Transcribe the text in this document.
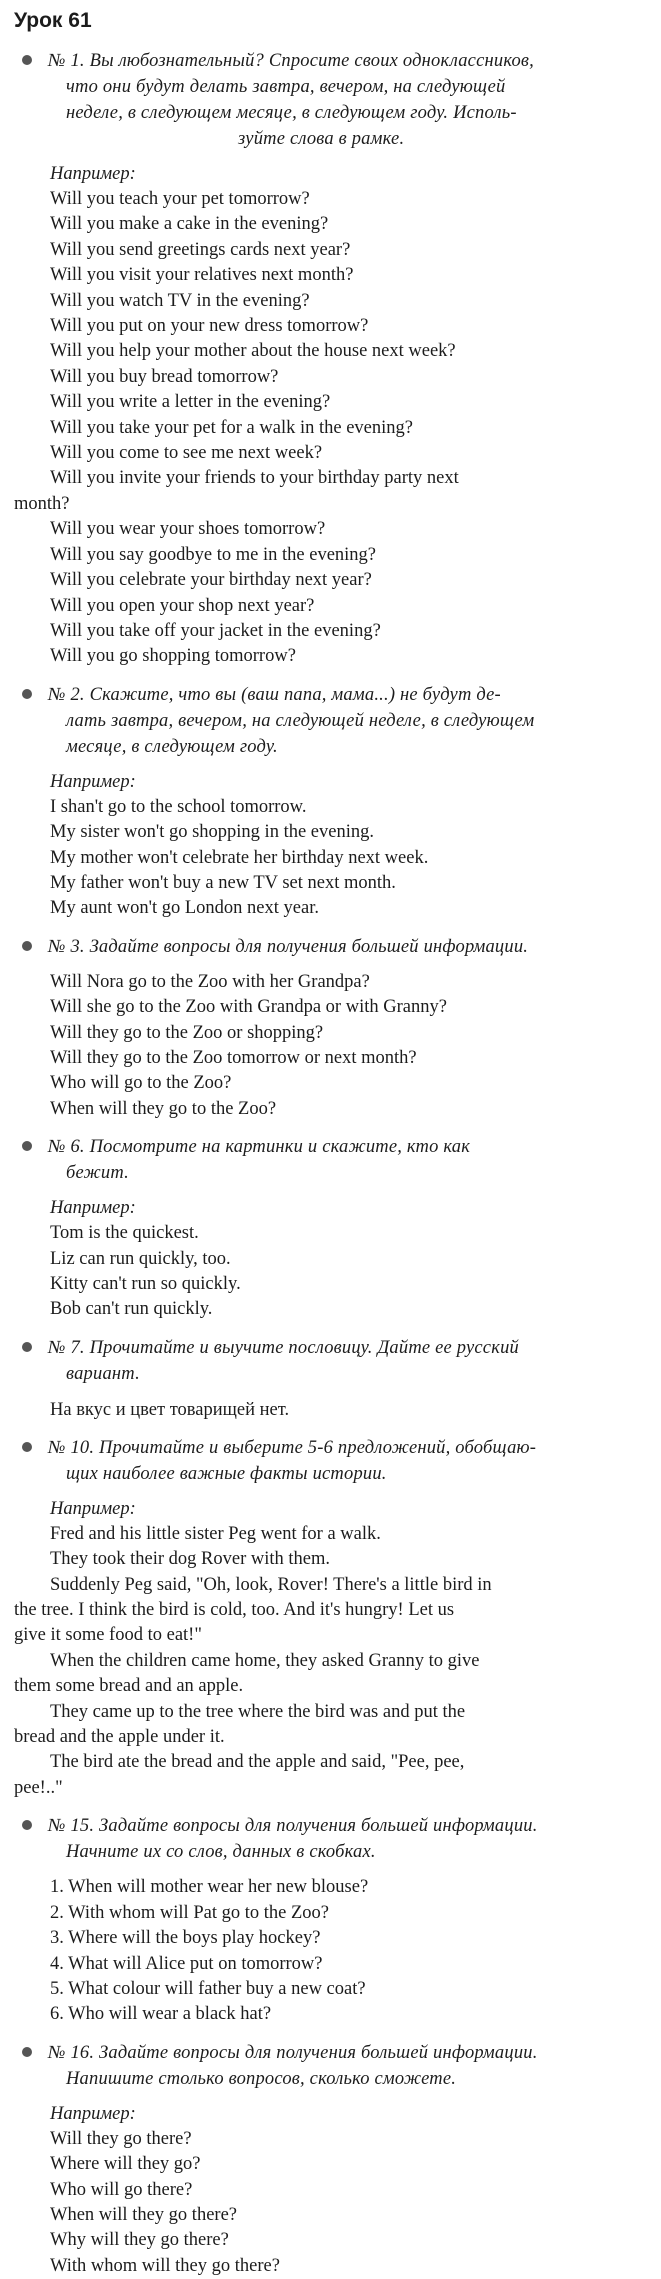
Урок 61
№ 1. Вы любознательный? Спросите своих одноклассников,
что они будут делать завтра, вечером, на следующей
неделе, в следующем месяце, в следующем году. Исполь-
зуйте слова в рамке.
Например:
Will you teach your pet tomorrow?
Will you make a cake in the evening?
Will you send greetings cards next year?
Will you visit your relatives next month?
Will you watch TV in the evening?
Will you put on your new dress tomorrow?
Will you help your mother about the house next week?
Will you buy bread tomorrow?
Will you write a letter in the evening?
Will you take your pet for a walk in the evening?
Will you come to see me next week?
Will you invite your friends to your birthday party next
month?
Will you wear your shoes tomorrow?
Will you say goodbye to me in the evening?
Will you celebrate your birthday next year?
Will you open your shop next year?
Will you take off your jacket in the evening?
Will you go shopping tomorrow?
№ 2. Скажите, что вы (ваш папа, мама...) не будут де-
лать завтра, вечером, на следующей неделе, в следующем
месяце, в следующем году.
Например:
I shan't go to the school tomorrow.
My sister won't go shopping in the evening.
My mother won't celebrate her birthday next week.
My father won't buy a new TV set next month.
My aunt won't go London next year.
№ 3. Задайте вопросы для получения большей информации.
Will Nora go to the Zoo with her Grandpa?
Will she go to the Zoo with Grandpa or with Granny?
Will they go to the Zoo or shopping?
Will they go to the Zoo tomorrow or next month?
Who will go to the Zoo?
When will they go to the Zoo?
№ 6. Посмотрите на картинки и скажите, кто как
бежит.
Например:
Tom is the quickest.
Liz can run quickly, too.
Kitty can't run so quickly.
Bob can't run quickly.
№ 7. Прочитайте и выучите пословицу. Дайте ее русский
вариант.
На вкус и цвет товарищей нет.
№ 10. Прочитайте и выберите 5-6 предложений, обобщаю-
щих наиболее важные факты истории.
Например:
Fred and his little sister Peg went for a walk.
They took their dog Rover with them.
Suddenly Peg said, "Oh, look, Rover! There's a little bird in
the tree. I think the bird is cold, too. And it's hungry! Let us
give it some food to eat!"
When the children came home, they asked Granny to give
them some bread and an apple.
They came up to the tree where the bird was and put the
bread and the apple under it.
The bird ate the bread and the apple and said, "Pee, pee,
pee!.."
№ 15. Задайте вопросы для получения большей информации.
Начните их со слов, данных в скобках.
1. When will mother wear her new blouse?
2. With whom will Pat go to the Zoo?
3. Where will the boys play hockey?
4. What will Alice put on tomorrow?
5. What colour will father buy a new coat?
6. Who will wear a black hat?
№ 16. Задайте вопросы для получения большей информации.
Напишите столько вопросов, сколько сможете.
Например:
Will they go there?
Where will they go?
Who will go there?
When will they go there?
Why will they go there?
With whom will they go there?
